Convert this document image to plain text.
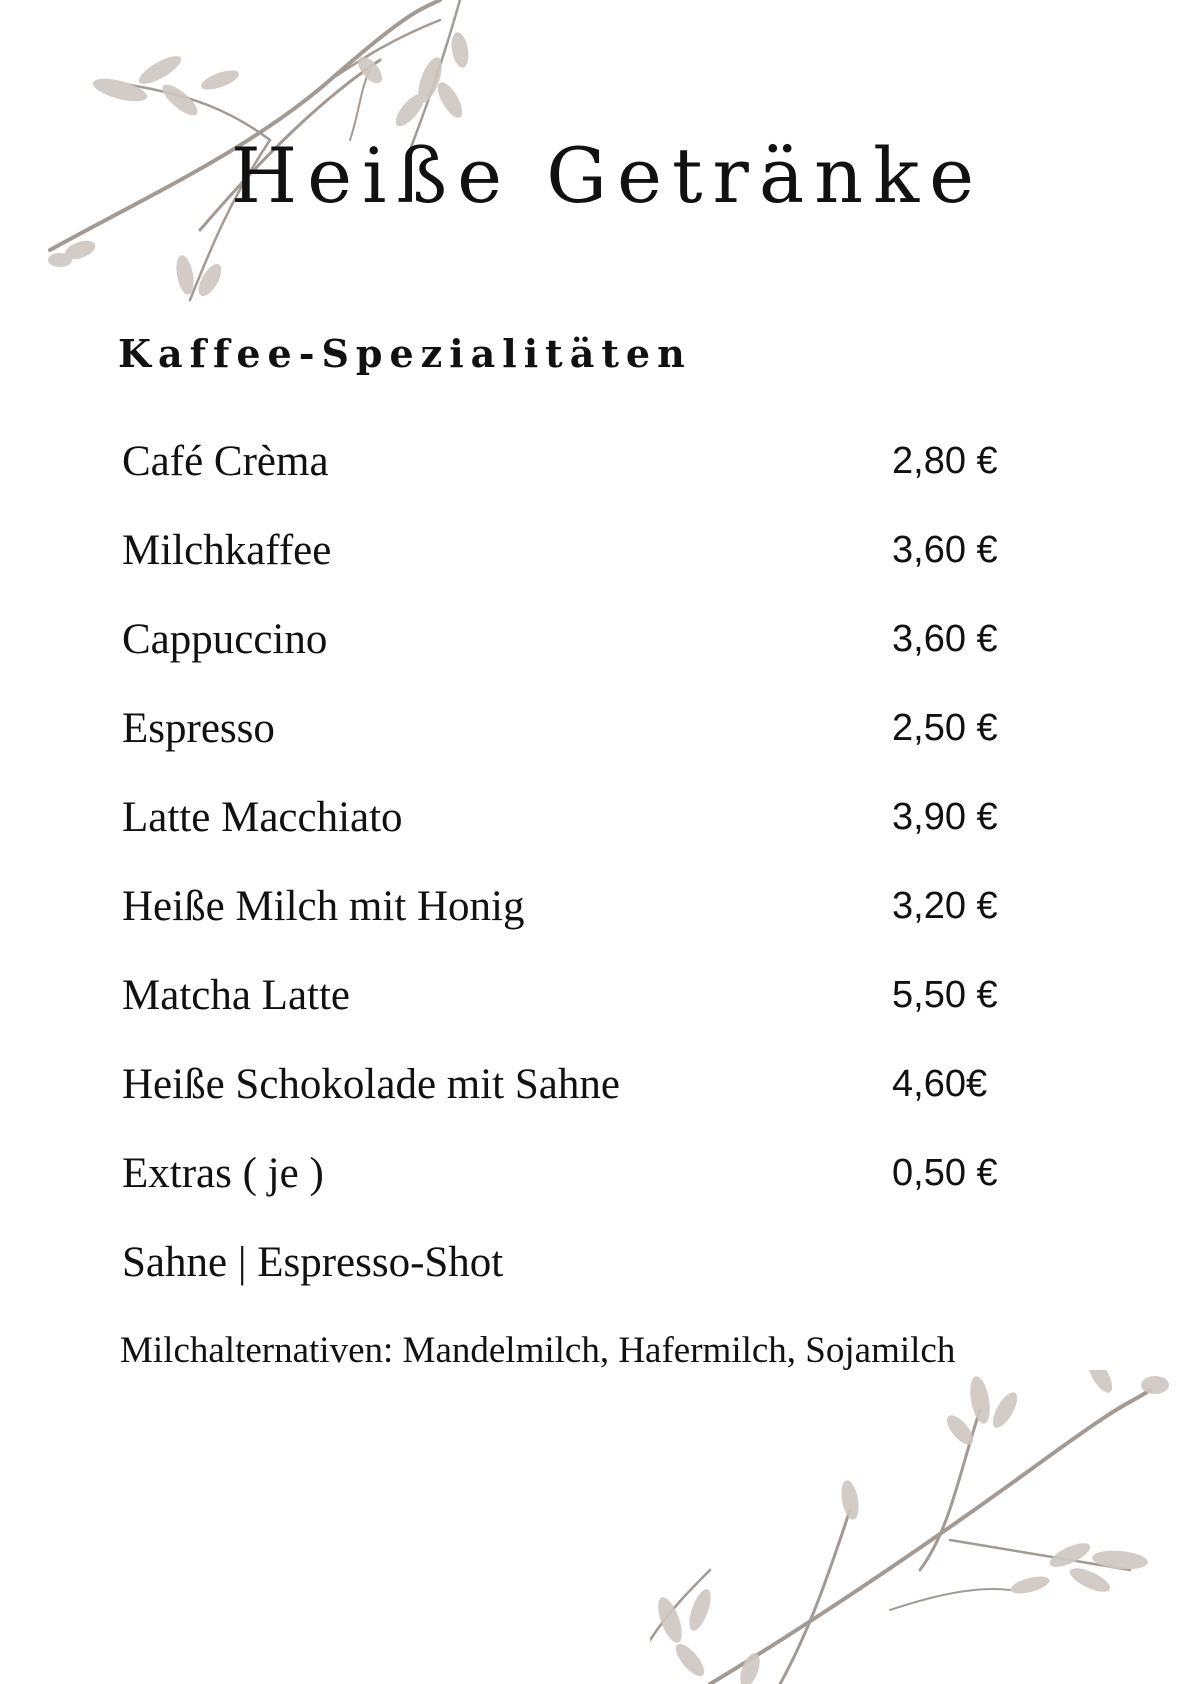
Heiße Getränke
Kaffee-Spezialitäten
Café Crèma	2,80 €
Milchkaffee	3,60 €
Cappuccino	3,60 €
Espresso	2,50 €
Latte Macchiato	3,90 €
Heiße Milch mit Honig	3,20 €
Matcha Latte	5,50 €
Heiße Schokolade mit Sahne	4,60€
Extras ( je )	0,50 €
Sahne | Espresso-Shot
Milchalternativen: Mandelmilch, Hafermilch, Sojamilch
